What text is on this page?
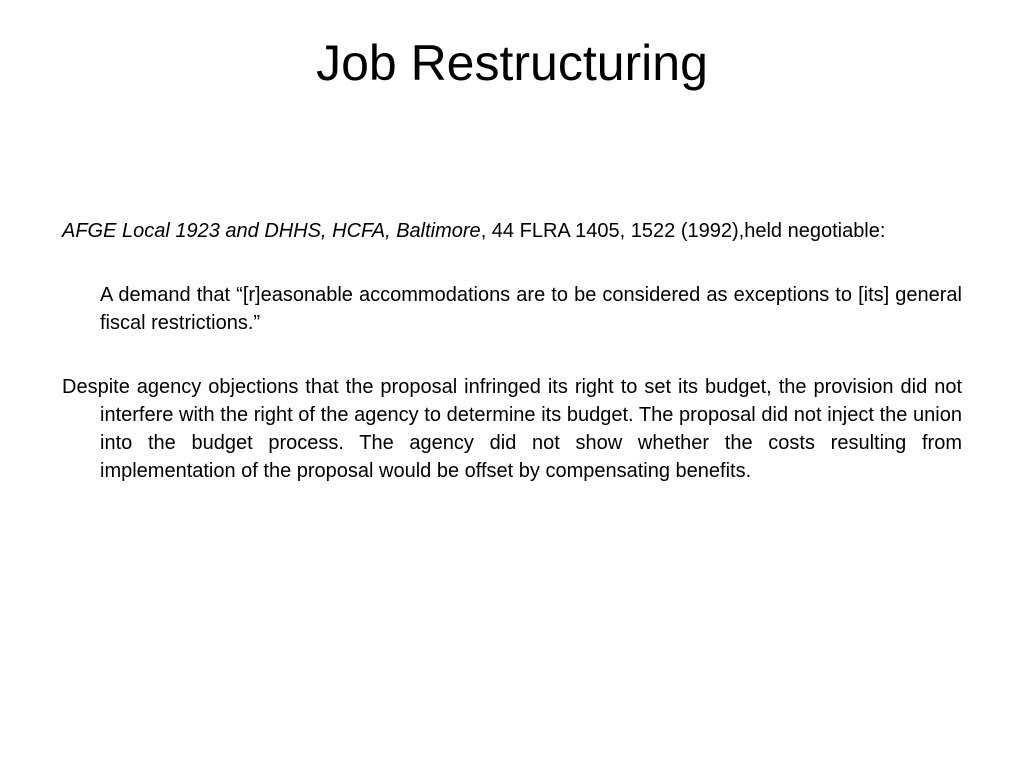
Job Restructuring

AFGE Local 1923 and DHHS, HCFA, Baltimore, 44 FLRA 1405, 1522 (1992),held negotiable:

A demand that “[r]easonable accommodations are to be considered as exceptions to [its] general fiscal restrictions.”

Despite agency objections that the proposal infringed its right to set its budget, the provision did not interfere with the right of the agency to determine its budget. The proposal did not inject the union into the budget process. The agency did not show whether the costs resulting from implementation of the proposal would be offset by compensating benefits.
